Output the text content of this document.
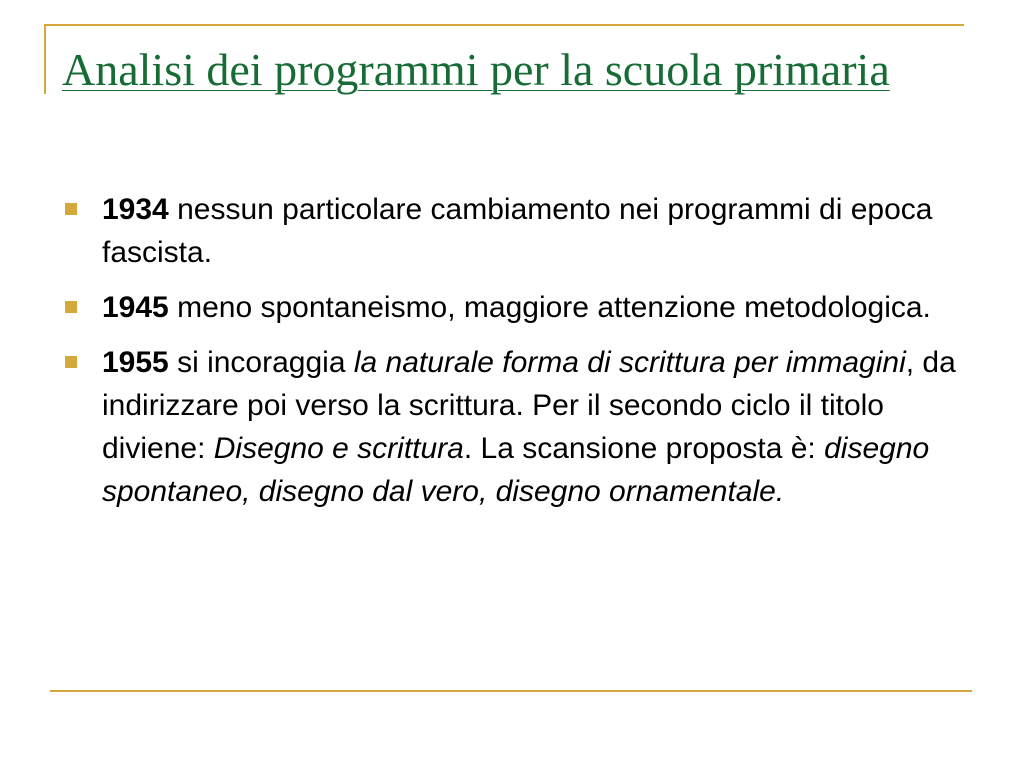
Analisi dei programmi per la scuola primaria
1934 nessun particolare cambiamento nei programmi di epoca fascista.
1945 meno spontaneismo, maggiore attenzione metodologica.
1955 si incoraggia la naturale forma di scrittura per immagini, da indirizzare poi verso la scrittura. Per il secondo ciclo il titolo diviene: Disegno e scrittura. La scansione proposta è: disegno spontaneo, disegno dal vero, disegno ornamentale.
